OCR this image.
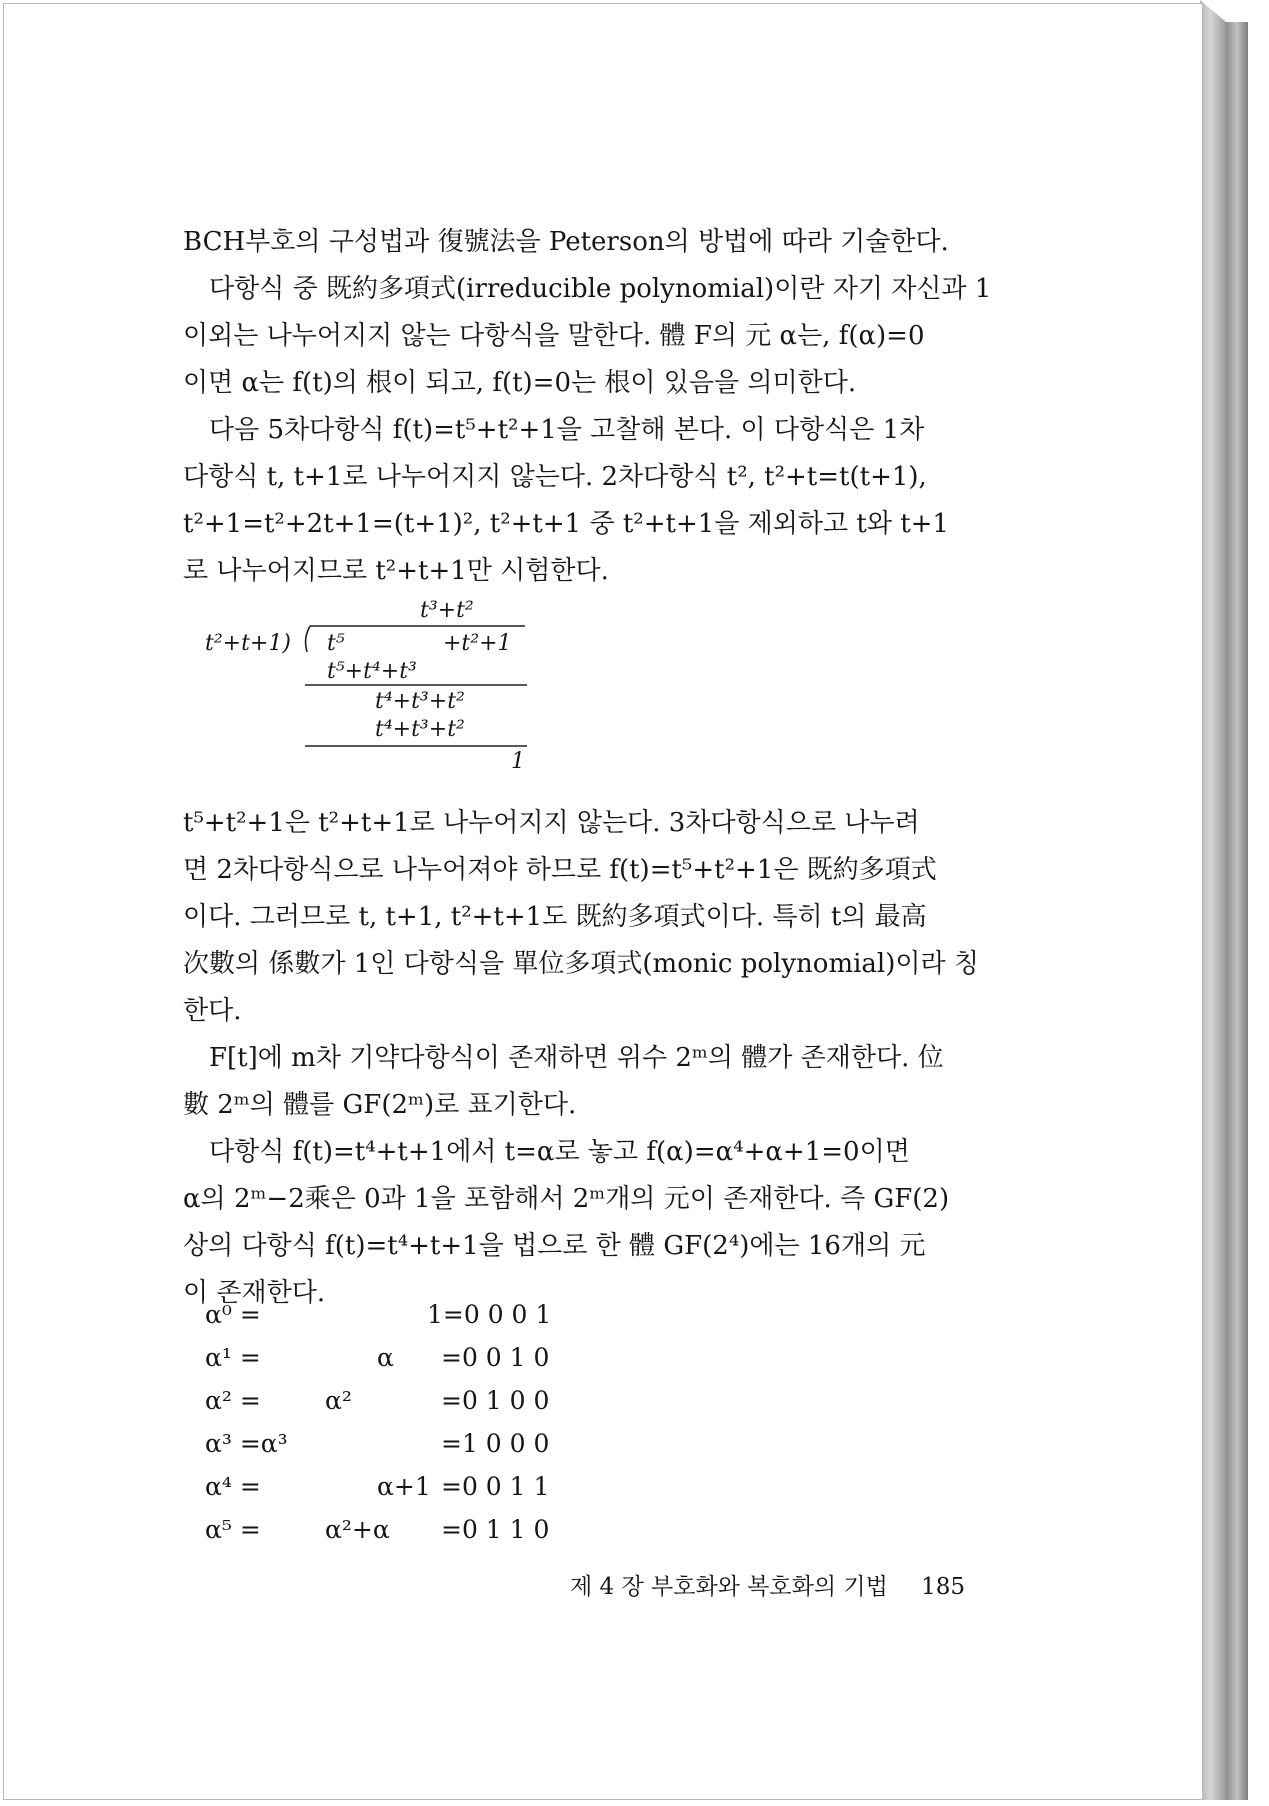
BCH부호의 구성법과 復號法을 Peterson의 방법에 따라 기술한다.
다항식 중 既約多項式(irreducible polynomial)이란 자기 자신과 1
이외는 나누어지지 않는 다항식을 말한다. 體 F의 元 α는, f(α)=0
이면 α는 f(t)의 根이 되고, f(t)=0는 根이 있음을 의미한다.
다음 5차다항식 f(t)=t⁵+t²+1을 고찰해 본다. 이 다항식은 1차
다항식 t, t+1로 나누어지지 않는다. 2차다항식 t², t²+t=t(t+1),
t²+1=t²+2t+1=(t+1)², t²+t+1 중 t²+t+1을 제외하고 t와 t+1
로 나누어지므로 t²+t+1만 시험한다.
t³+t²
t²+t+1) t⁵	+t²+1
t⁵+t⁴+t³
t⁴+t³+t²
t⁴+t³+t²
1
t⁵+t²+1은 t²+t+1로 나누어지지 않는다. 3차다항식으로 나누려
면 2차다항식으로 나누어져야 하므로 f(t)=t⁵+t²+1은 既約多項式
이다. 그러므로 t, t+1, t²+t+1도 既約多項式이다. 특히 t의 最高
次數의 係數가 1인 다항식을 單位多項式(monic polynomial)이라 칭
한다.
F[t]에 m차 기약다항식이 존재하면 위수 2ᵐ의 體가 존재한다. 位
數 2ᵐ의 體를 GF(2ᵐ)로 표기한다.
다항식 f(t)=t⁴+t+1에서 t=α로 놓고 f(α)=α⁴+α+1=0이면
α의 2ᵐ−2乘은 0과 1을 포함해서 2ᵐ개의 元이 존재한다. 즉 GF(2)
상의 다항식 f(t)=t⁴+t+1을 법으로 한 體 GF(2⁴)에는 16개의 元
이 존재한다.
α⁰ =	1=0 0 0 1
α¹ =	α =0 0 1 0
α² =	α²	=0 1 0 0
α³ =α³	=1 0 0 0
α⁴ =	α+1 =0 0 1 1
α⁵ =	α²+α =0 1 1 0
제 4 장 부호화와 복호화의 기법 185
